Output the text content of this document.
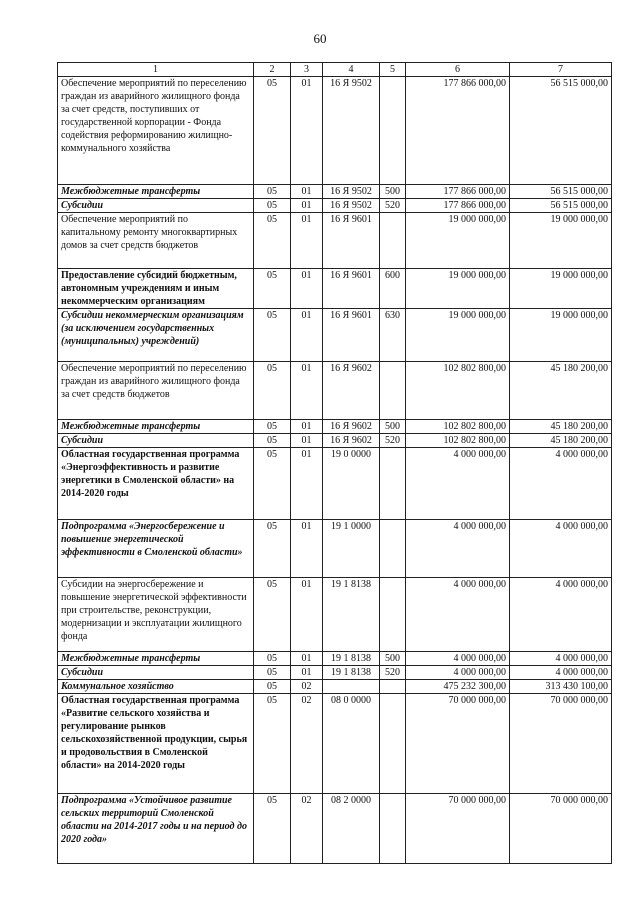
60
1	2	3	4	5	6	7
Обеспечение мероприятий по переселению граждан из аварийного жилищного фонда за счет средств, поступивших от государственной корпорации - Фонда содействия реформированию жилищно-коммунального хозяйства	05	01	16 Я 9502		177 866 000,00	56 515 000,00
Межбюджетные трансферты	05	01	16 Я 9502	500	177 866 000,00	56 515 000,00
Субсидии	05	01	16 Я 9502	520	177 866 000,00	56 515 000,00
Обеспечение мероприятий по капитальному ремонту многоквартирных домов за счет средств бюджетов	05	01	16 Я 9601		19 000 000,00	19 000 000,00
Предоставление субсидий бюджетным, автономным учреждениям и иным некоммерческим организациям	05	01	16 Я 9601	600	19 000 000,00	19 000 000,00
Субсидии некоммерческим организациям (за исключением государственных (муниципальных) учреждений)	05	01	16 Я 9601	630	19 000 000,00	19 000 000,00
Обеспечение мероприятий по переселению граждан из аварийного жилищного фонда за счет средств бюджетов	05	01	16 Я 9602		102 802 800,00	45 180 200,00
Межбюджетные трансферты	05	01	16 Я 9602	500	102 802 800,00	45 180 200,00
Субсидии	05	01	16 Я 9602	520	102 802 800,00	45 180 200,00
Областная государственная программа «Энергоэффективность и развитие энергетики в Смоленской области» на 2014-2020 годы	05	01	19 0 0000		4 000 000,00	4 000 000,00
Подпрограмма «Энергосбережение и повышение энергетической эффективности в Смоленской области»	05	01	19 1 0000		4 000 000,00	4 000 000,00
Субсидии на энергосбережение и повышение энергетической эффективности при строительстве, реконструкции, модернизации и эксплуатации жилищного фонда	05	01	19 1 8138		4 000 000,00	4 000 000,00
Межбюджетные трансферты	05	01	19 1 8138	500	4 000 000,00	4 000 000,00
Субсидии	05	01	19 1 8138	520	4 000 000,00	4 000 000,00
Коммунальное хозяйство	05	02			475 232 300,00	313 430 100,00
Областная государственная программа «Развитие сельского хозяйства и регулирование рынков сельскохозяйственной продукции, сырья и продовольствия в Смоленской области» на 2014-2020 годы	05	02	08 0 0000		70 000 000,00	70 000 000,00
Подпрограмма «Устойчивое развитие сельских территорий Смоленской области на 2014-2017 годы и на период до 2020 года»	05	02	08 2 0000		70 000 000,00	70 000 000,00
